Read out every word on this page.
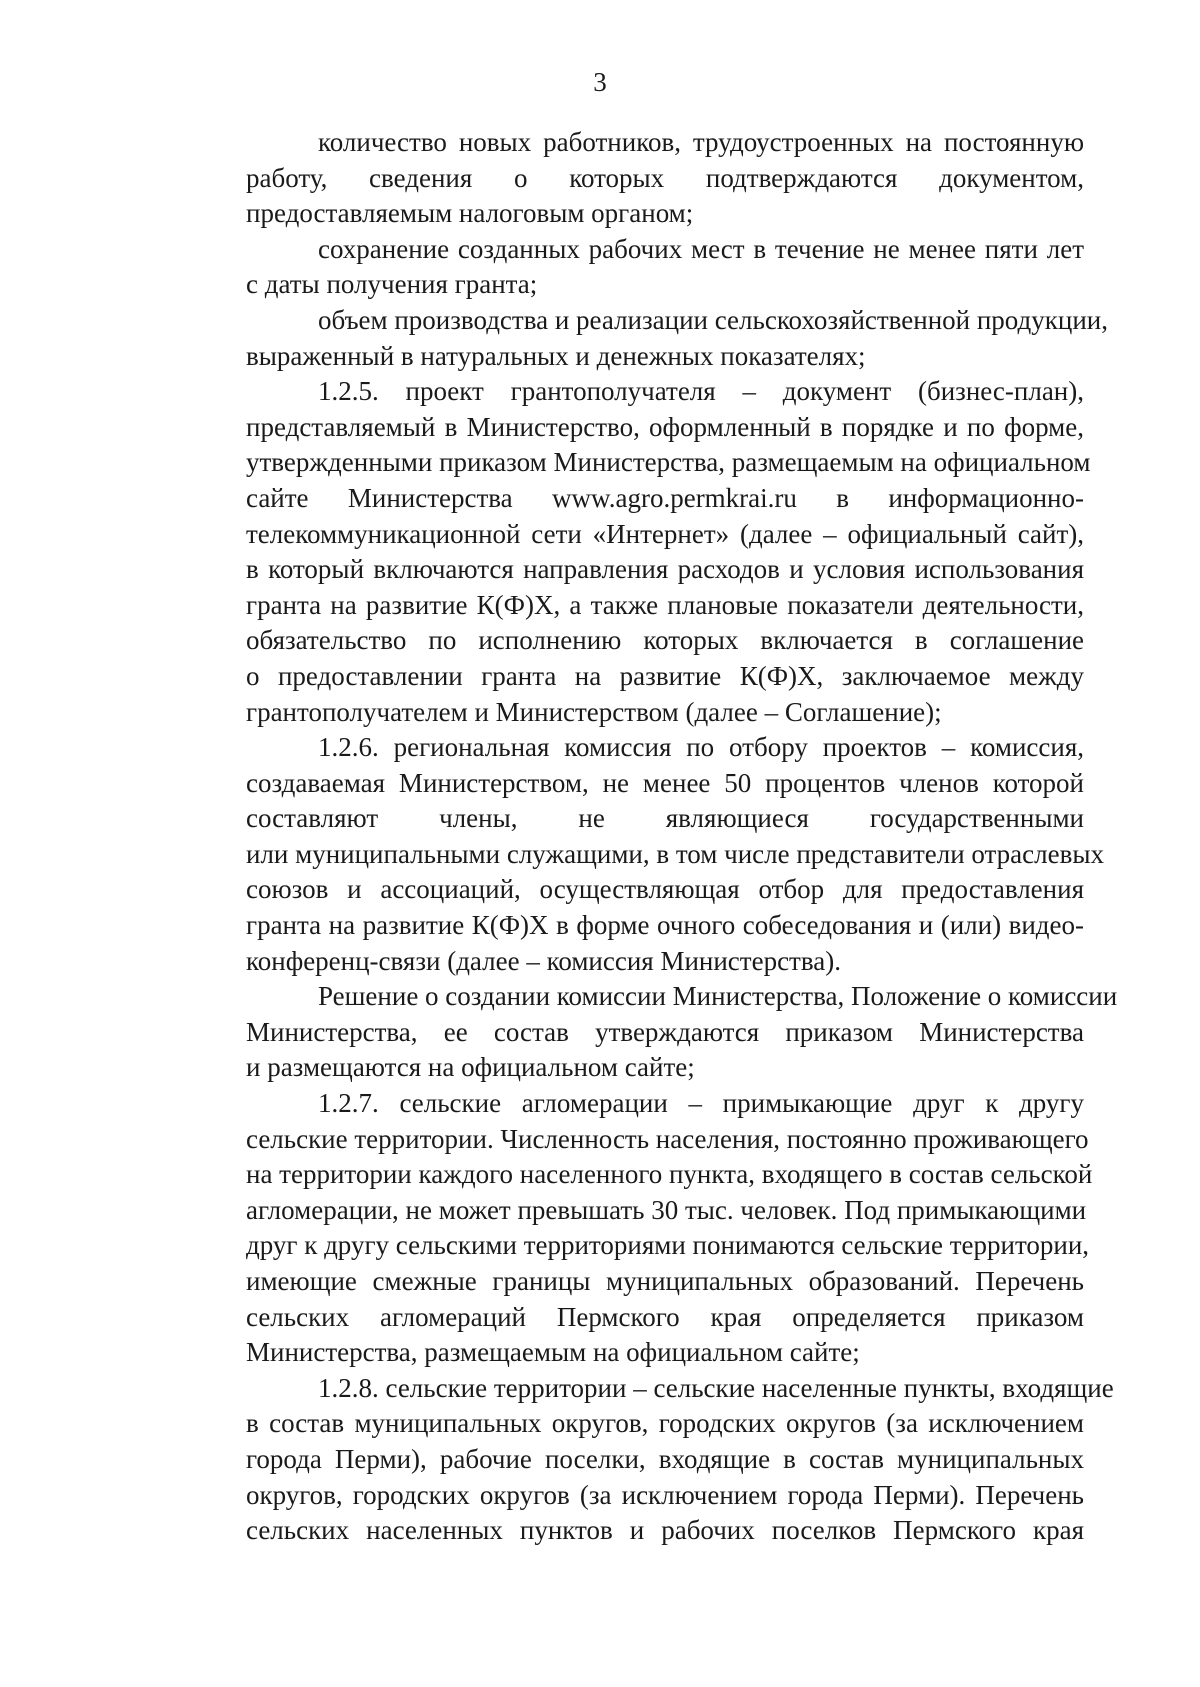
3
количество новых работников, трудоустроенных на постоянную
работу, сведения о которых подтверждаются документом,
предоставляемым налоговым органом;
сохранение созданных рабочих мест в течение не менее пяти лет
с даты получения гранта;
объем производства и реализации сельскохозяйственной продукции,
выраженный в натуральных и денежных показателях;
1.2.5. проект грантополучателя – документ (бизнес-план),
представляемый в Министерство, оформленный в порядке и по форме,
утвержденными приказом Министерства, размещаемым на официальном
сайте Министерства www.agro.permkrai.ru в информационно-
телекоммуникационной сети «Интернет» (далее – официальный сайт),
в который включаются направления расходов и условия использования
гранта на развитие К(Ф)Х, а также плановые показатели деятельности,
обязательство по исполнению которых включается в соглашение
о предоставлении гранта на развитие К(Ф)Х, заключаемое между
грантополучателем и Министерством (далее – Соглашение);
1.2.6. региональная комиссия по отбору проектов – комиссия,
создаваемая Министерством, не менее 50 процентов членов которой
составляют члены, не являющиеся государственными
или муниципальными служащими, в том числе представители отраслевых
союзов и ассоциаций, осуществляющая отбор для предоставления
гранта на развитие К(Ф)Х в форме очного собеседования и (или) видео-
конференц-связи (далее – комиссия Министерства).
Решение о создании комиссии Министерства, Положение о комиссии
Министерства, ее состав утверждаются приказом Министерства
и размещаются на официальном сайте;
1.2.7. сельские агломерации – примыкающие друг к другу
сельские территории. Численность населения, постоянно проживающего
на территории каждого населенного пункта, входящего в состав сельской
агломерации, не может превышать 30 тыс. человек. Под примыкающими
друг к другу сельскими территориями понимаются сельские территории,
имеющие смежные границы муниципальных образований. Перечень
сельских агломераций Пермского края определяется приказом
Министерства, размещаемым на официальном сайте;
1.2.8. сельские территории – сельские населенные пункты, входящие
в состав муниципальных округов, городских округов (за исключением
города Перми), рабочие поселки, входящие в состав муниципальных
округов, городских округов (за исключением города Перми). Перечень
сельских населенных пунктов и рабочих поселков Пермского края
